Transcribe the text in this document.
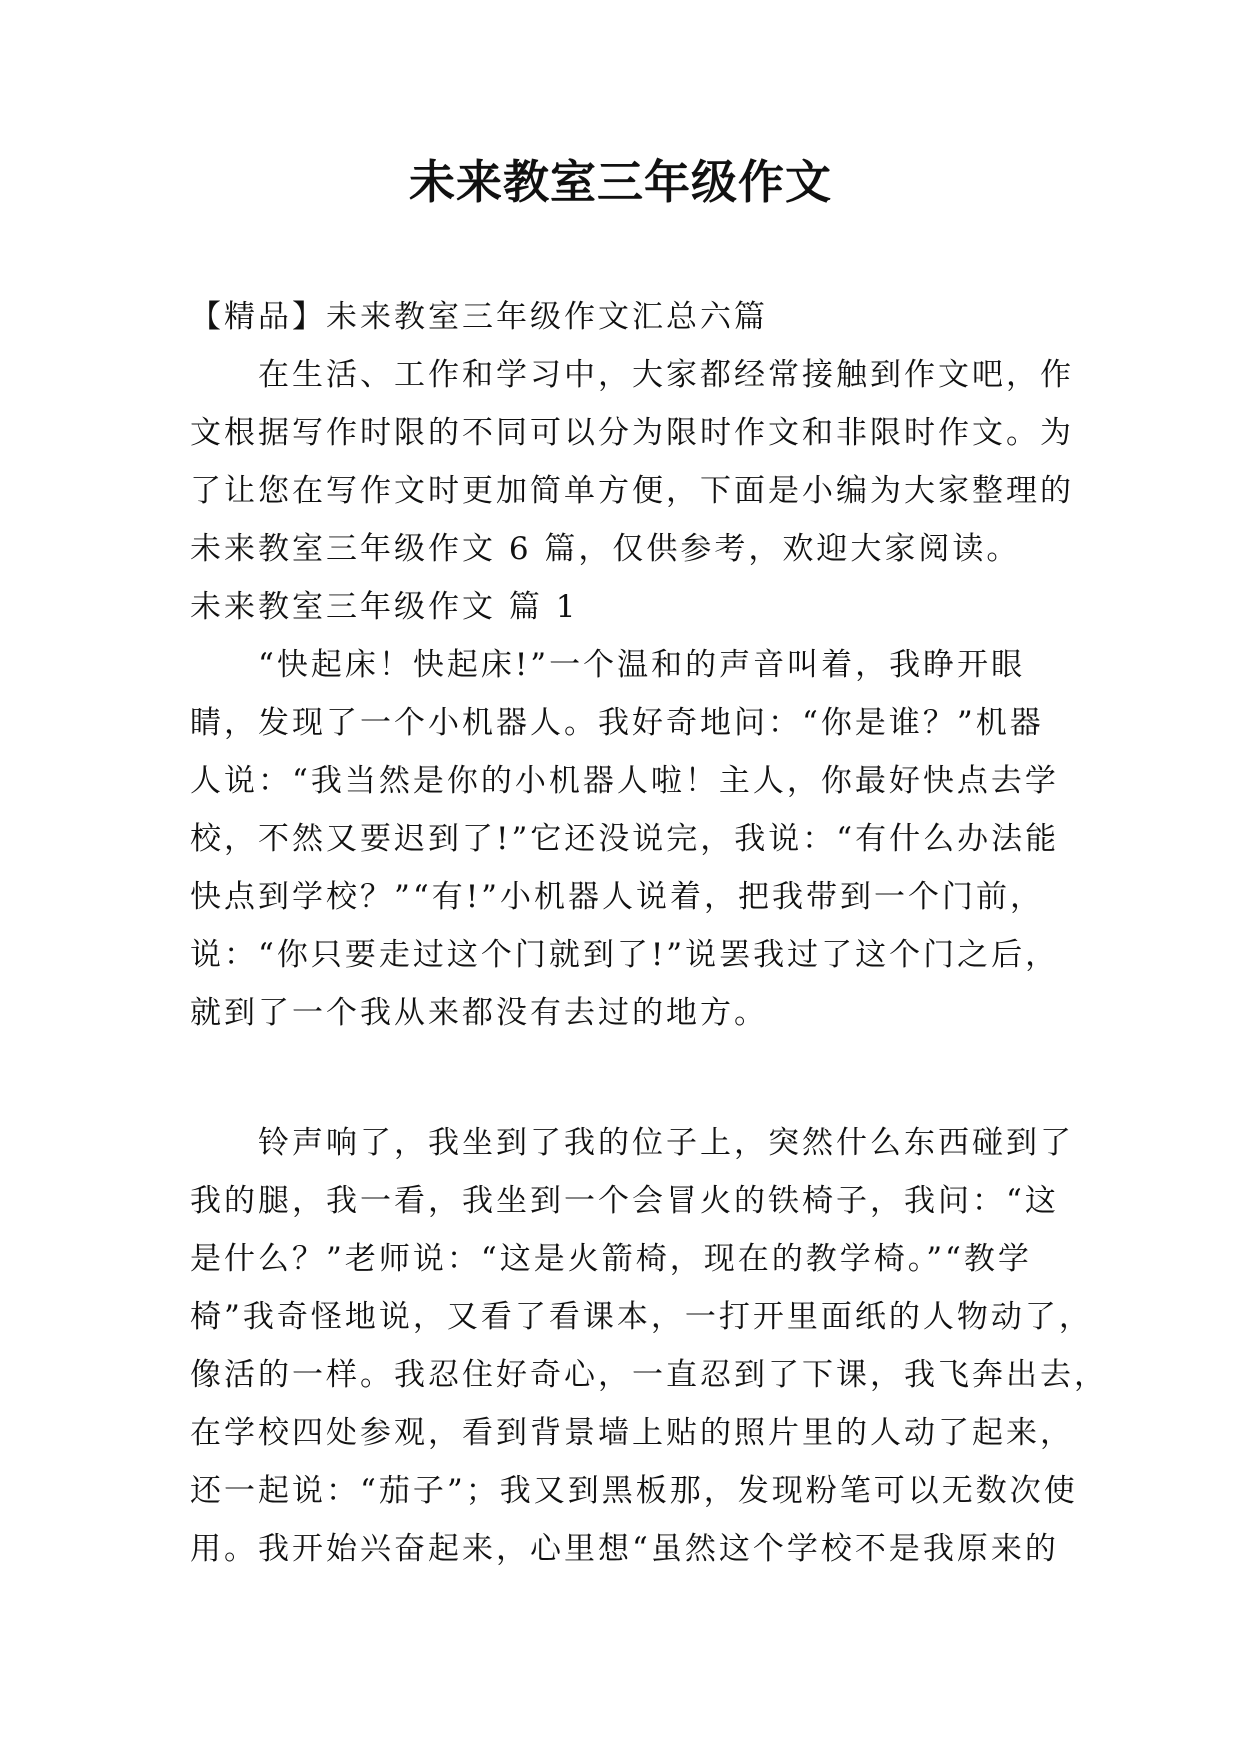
未来教室三年级作文
【精品】未来教室三年级作文汇总六篇
在生活、工作和学习中，大家都经常接触到作文吧，作
文根据写作时限的不同可以分为限时作文和非限时作文。为
了让您在写作文时更加简单方便，下面是小编为大家整理的
未来教室三年级作文 6 篇，仅供参考，欢迎大家阅读。
未来教室三年级作文 篇 1
“快起床！快起床!”一个温和的声音叫着，我睁开眼
睛，发现了一个小机器人。我好奇地问：“你是谁？”机器
人说：“我当然是你的小机器人啦！主人，你最好快点去学
校，不然又要迟到了!”它还没说完，我说：“有什么办法能
快点到学校？”“有!”小机器人说着，把我带到一个门前，
说：“你只要走过这个门就到了!”说罢我过了这个门之后，
就到了一个我从来都没有去过的地方。
铃声响了，我坐到了我的位子上，突然什么东西碰到了
我的腿，我一看，我坐到一个会冒火的铁椅子，我问：“这
是什么？”老师说：“这是火箭椅，现在的教学椅。”“教学
椅”我奇怪地说，又看了看课本，一打开里面纸的人物动了，
像活的一样。我忍住好奇心，一直忍到了下课，我飞奔出去，
在学校四处参观，看到背景墙上贴的照片里的人动了起来，
还一起说：“茄子”；我又到黑板那，发现粉笔可以无数次使
用。我开始兴奋起来，心里想“虽然这个学校不是我原来的
